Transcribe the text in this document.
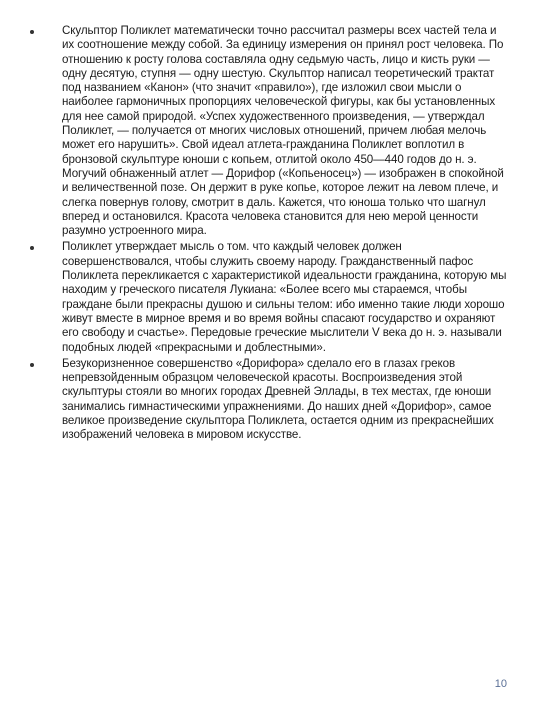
Скульптор Поликлет математически точно рассчитал размеры всех частей тела и их соотношение между собой. За единицу измерения он принял рост человека. По отношению к росту голова составляла одну седьмую часть, лицо и кисть руки — одну десятую, ступня — одну шестую. Скульптор написал теоретический трактат под названием «Канон» (что значит «правило»), где изложил свои мысли о наиболее гармоничных пропорциях человеческой фигуры, как бы установленных для нее самой природой. «Успех художественного произведения, — утверждал Поликлет, — получается от многих числовых отношений, причем любая мелочь может его нарушить». Свой идеал атлета-гражданина Поликлет воплотил в бронзовой скульптуре юноши с копьем, отлитой около 450—440 годов до н. э. Могучий обнаженный атлет — Дорифор («Копьеносец») — изображен в спокойной и величественной позе. Он держит в руке копье, которое лежит на левом плече, и слегка повернув голову, смотрит в даль. Кажется, что юноша только что шагнул вперед и остановился. Красота человека становится для нею мерой ценности разумно устроенного мира.
Поликлет утверждает мысль о том. что каждый человек должен совершенствовался, чтобы служить своему народу. Гражданственный пафос Поликлета перекликается с характеристикой идеальности гражданина, которую мы находим у греческого писателя Лукиана: «Более всего мы стараемся, чтобы граждане были прекрасны душою и сильны телом: ибо именно такие люди хорошо живут вместе в мирное время и во время войны спасают государство и охраняют его свободу и счастье». Передовые греческие мыслители V века до н. э. называли подобных людей «прекрасными и доблестными».
Безукоризненное совершенство «Дорифора» сделало его в глазах греков непревзойденным образцом человеческой красоты. Воспроизведения этой скульптуры стояли во многих городах Древней Эллады, в тех местах, где юноши занимались гимнастическими упражнениями. До наших дней «Дорифор», самое великое произведение скульптора Поликлета, остается одним из прекраснейших изображений человека в мировом искусстве.
10
